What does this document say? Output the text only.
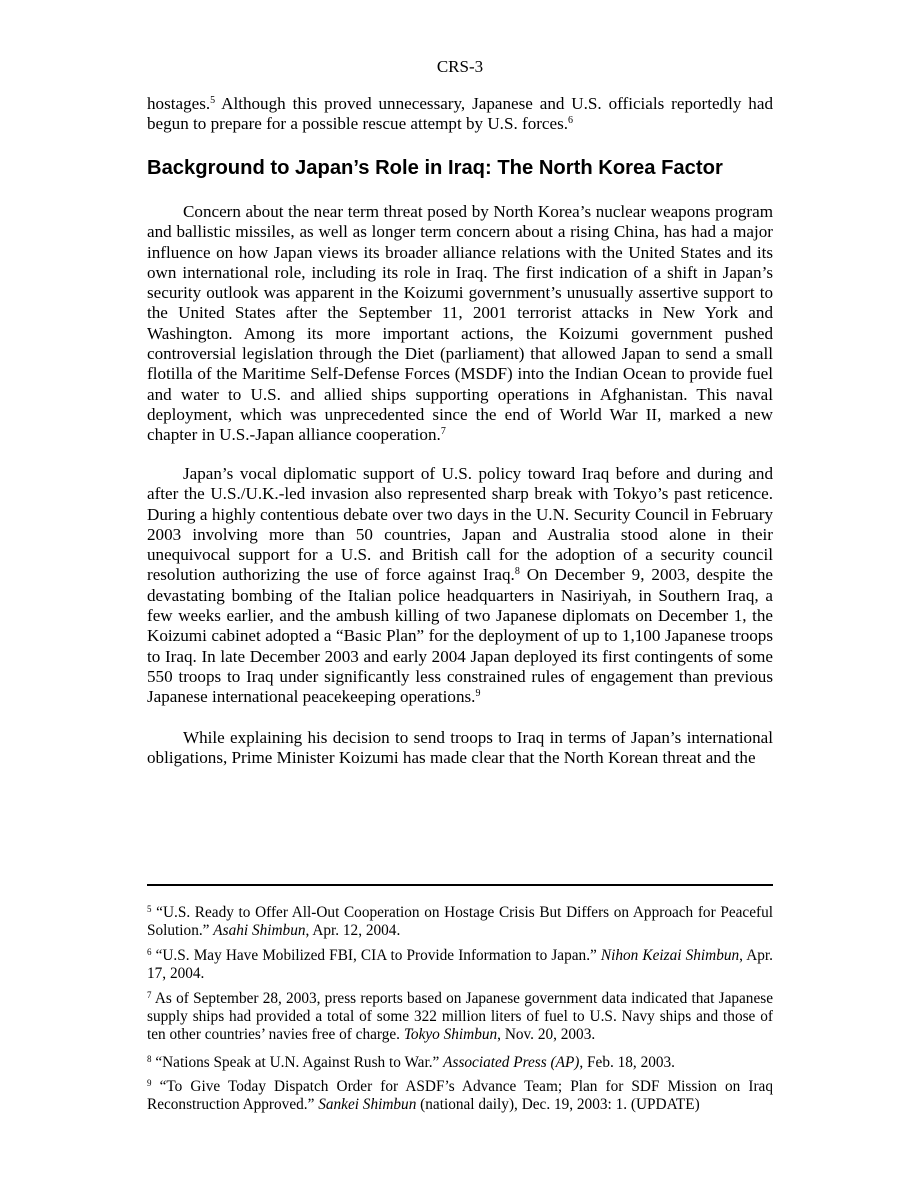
CRS-3

hostages.$^5$ Although this proved unnecessary, Japanese and U.S. officials reportedly had begun to prepare for a possible rescue attempt by U.S. forces.$^6$

Background to Japan’s Role in Iraq: The North Korea Factor

Concern about the near term threat posed by North Korea’s nuclear weapons program and ballistic missiles, as well as longer term concern about a rising China, has had a major influence on how Japan views its broader alliance relations with the United States and its own international role, including its role in Iraq. The first indication of a shift in Japan’s security outlook was apparent in the Koizumi government’s unusually assertive support to the United States after the September 11, 2001 terrorist attacks in New York and Washington. Among its more important actions, the Koizumi government pushed controversial legislation through the Diet (parliament) that allowed Japan to send a small flotilla of the Maritime Self-Defense Forces (MSDF) into the Indian Ocean to provide fuel and water to U.S. and allied ships supporting operations in Afghanistan. This naval deployment, which was unprecedented since the end of World War II, marked a new chapter in U.S.-Japan alliance cooperation.$^7$

Japan’s vocal diplomatic support of U.S. policy toward Iraq before and during and after the U.S./U.K.-led invasion also represented sharp break with Tokyo’s past reticence. During a highly contentious debate over two days in the U.N. Security Council in February 2003 involving more than 50 countries, Japan and Australia stood alone in their unequivocal support for a U.S. and British call for the adoption of a security council resolution authorizing the use of force against Iraq.$^8$ On December 9, 2003, despite the devastating bombing of the Italian police headquarters in Nasiriyah, in Southern Iraq, a few weeks earlier, and the ambush killing of two Japanese diplomats on December 1, the Koizumi cabinet adopted a “Basic Plan” for the deployment of up to 1,100 Japanese troops to Iraq. In late December 2003 and early 2004 Japan deployed its first contingents of some 550 troops to Iraq under significantly less constrained rules of engagement than previous Japanese international peacekeeping operations.$^9$

While explaining his decision to send troops to Iraq in terms of Japan’s international obligations, Prime Minister Koizumi has made clear that the North Korean threat and the

$^5$ “U.S. Ready to Offer All-Out Cooperation on Hostage Crisis But Differs on Approach for Peaceful Solution.” Asahi Shimbun, Apr. 12, 2004.

$^6$ “U.S. May Have Mobilized FBI, CIA to Provide Information to Japan.” Nihon Keizai Shimbun, Apr. 17, 2004.

$^7$ As of September 28, 2003, press reports based on Japanese government data indicated that Japanese supply ships had provided a total of some 322 million liters of fuel to U.S. Navy ships and those of ten other countries’ navies free of charge. Tokyo Shimbun, Nov. 20, 2003.

$^8$ “Nations Speak at U.N. Against Rush to War.” Associated Press (AP), Feb. 18, 2003.

$^9$ “To Give Today Dispatch Order for ASDF’s Advance Team; Plan for SDF Mission on Iraq Reconstruction Approved.” Sankei Shimbun (national daily), Dec. 19, 2003: 1. (UPDATE)
